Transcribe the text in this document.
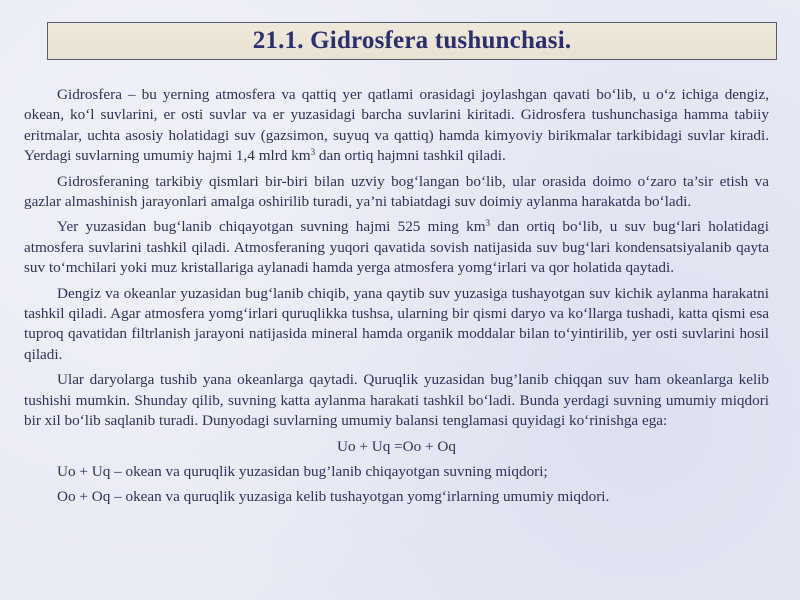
21.1. Gidrosfera tushunchasi.

Gidrosfera – bu yerning atmosfera va qattiq yer qatlami orasidagi joylashgan qavati bo‘lib, u o‘z ichiga dengiz, okean, ko‘l suvlarini, er osti suvlar va er yuzasidagi barcha suvlarini kiritadi. Gidrosfera tushunchasiga hamma tabiiy eritmalar, uchta asosiy holatidagi suv (gazsimon, suyuq va qattiq) hamda kimyoviy birikmalar tarkibidagi suvlar kiradi. Yerdagi suvlarning umumiy hajmi 1,4 mlrd $km^3$ dan ortiq hajmni tashkil qiladi.

Gidrosferaning tarkibiy qismlari bir-biri bilan uzviy bog‘langan bo‘lib, ular orasida doimo o‘zaro ta’sir etish va gazlar almashinish jarayonlari amalga oshirilib turadi, ya’ni tabiatdagi suv doimiy aylanma harakatda bo‘ladi.

Yer yuzasidan bug‘lanib chiqayotgan suvning hajmi 525 ming $km^3$ dan ortiq bo‘lib, u suv bug‘lari holatidagi atmosfera suvlarini tashkil qiladi. Atmosferaning yuqori qavatida sovish natijasida suv bug‘lari kondensatsiyalanib qayta suv to‘mchilari yoki muz kristallariga aylanadi hamda yerga atmosfera yomg‘irlari va qor holatida qaytadi.

Dengiz va okeanlar yuzasidan bug‘lanib chiqib, yana qaytib suv yuzasiga tushayotgan suv kichik aylanma harakatni tashkil qiladi. Agar atmosfera yomg‘irlari quruqlikka tushsa, ularning bir qismi daryo va ko‘llarga tushadi, katta qismi esa tuproq qavatidan filtrlanish jarayoni natijasida mineral hamda organik moddalar bilan to‘yintirilib, yer osti suvlarini hosil qiladi.

Ular daryolarga tushib yana okeanlarga qaytadi. Quruqlik yuzasidan bug’lanib chiqqan suv ham okeanlarga kelib tushishi mumkin. Shunday qilib, suvning katta aylanma harakati tashkil bo‘ladi. Bunda yerdagi suvning umumiy miqdori bir xil bo‘lib saqlanib turadi. Dunyodagi suvlarning umumiy balansi tenglamasi quyidagi ko‘rinishga ega:

Uo + Uq =Oo + Oq

Uo + Uq – okean va quruqlik yuzasidan bug’lanib chiqayotgan suvning miqdori;

Oo + Oq – okean va quruqlik yuzasiga kelib tushayotgan yomg‘irlarning umumiy miqdori.
